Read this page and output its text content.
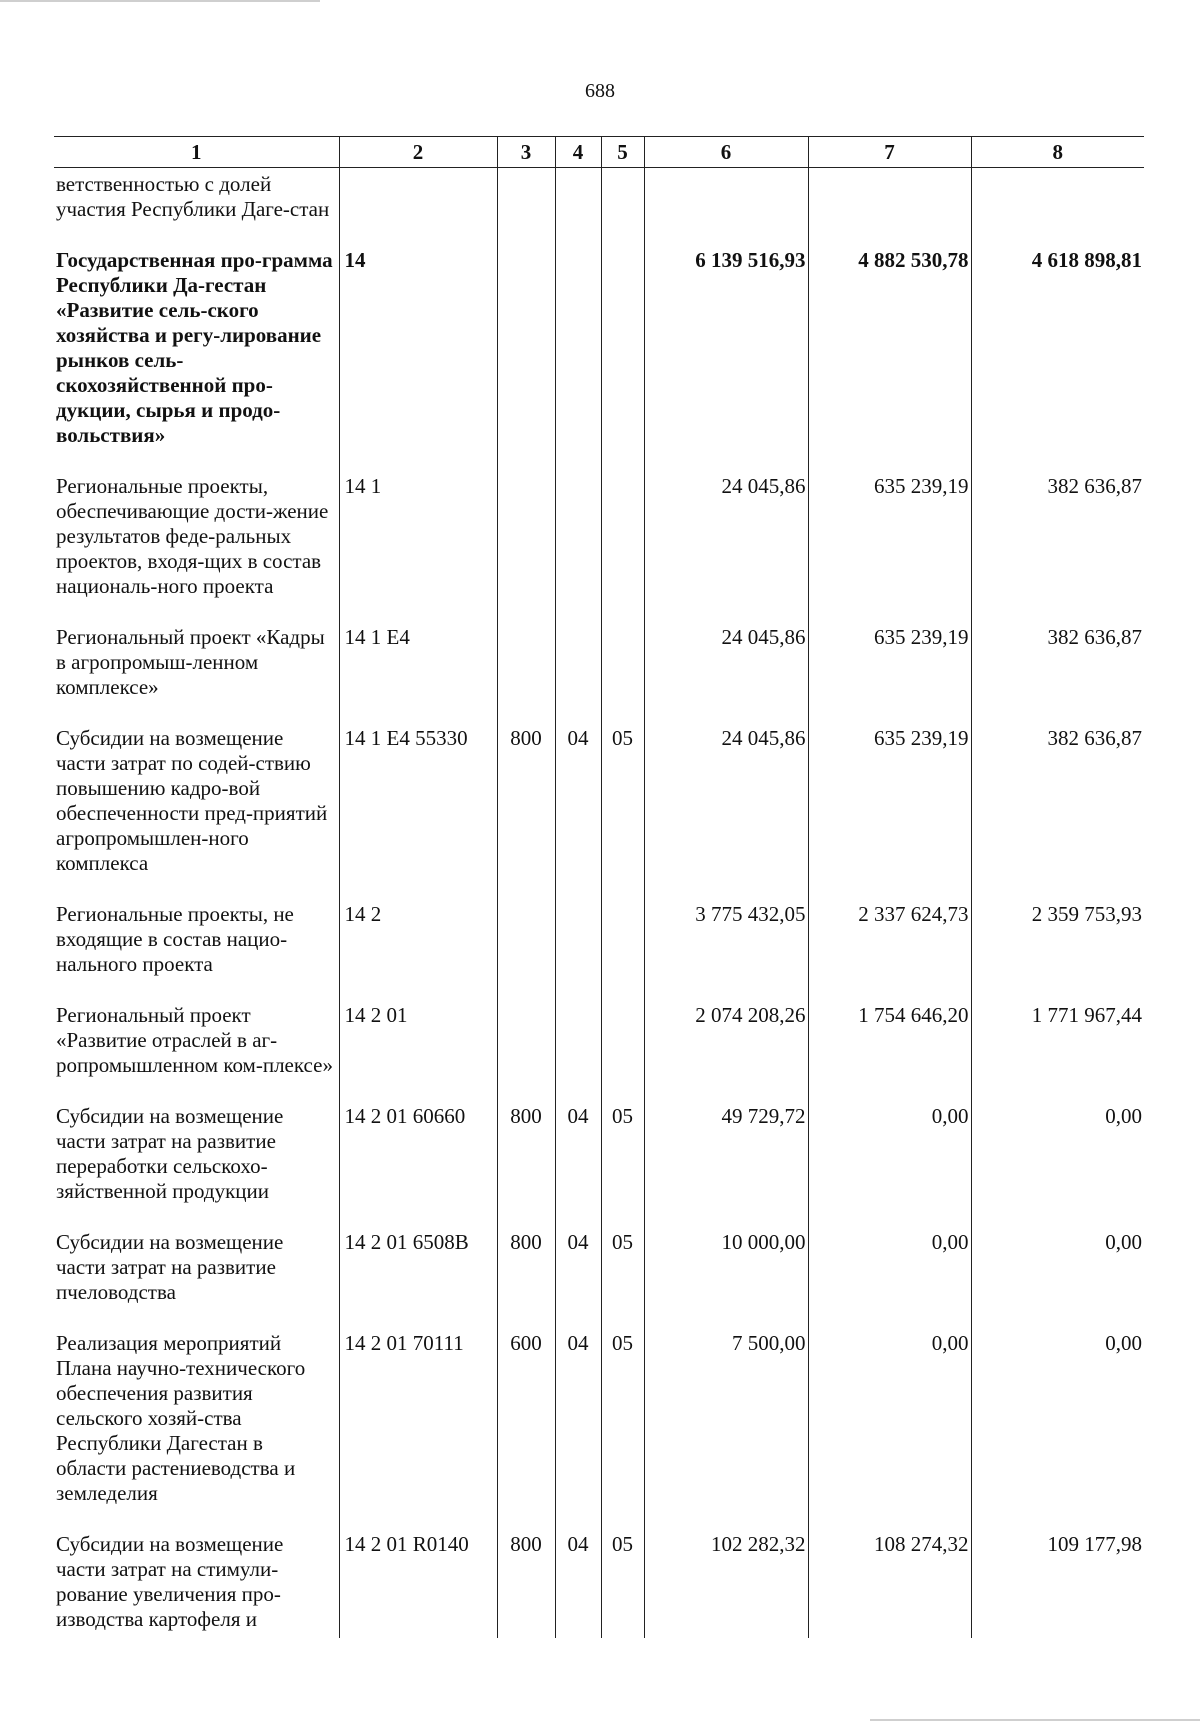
688
1	2	3	4	5	6	7	8
ветственностью с долей участия Республики Даге-стан							
Государственная про-грамма Республики Да-гестан «Развитие сель-ского хозяйства и регу-лирование рынков сель-скохозяйственной про-дукции, сырья и продо-вольствия»	14				6 139 516,93	4 882 530,78	4 618 898,81
Региональные проекты, обеспечивающие дости-жение результатов феде-ральных проектов, входя-щих в состав националь-ного проекта	14 1				24 045,86	635 239,19	382 636,87
Региональный проект «Кадры в агропромыш-ленном комплексе»	14 1 Е4				24 045,86	635 239,19	382 636,87
Субсидии на возмещение части затрат по содей-ствию повышению кадро-вой обеспеченности пред-приятий агропромышлен-ного комплекса	14 1 Е4 55330	800	04	05	24 045,86	635 239,19	382 636,87
Региональные проекты, не входящие в состав нацио-нального проекта	14 2				3 775 432,05	2 337 624,73	2 359 753,93
Региональный проект «Развитие отраслей в аг-ропромышленном ком-плексе»	14 2 01				2 074 208,26	1 754 646,20	1 771 967,44
Субсидии на возмещение части затрат на развитие переработки сельскохо-зяйственной продукции	14 2 01 60660	800	04	05	49 729,72	0,00	0,00
Субсидии на возмещение части затрат на развитие пчеловодства	14 2 01 6508В	800	04	05	10 000,00	0,00	0,00
Реализация мероприятий Плана научно-технического обеспечения развития сельского хозяй-ства Республики Дагестан в области растениеводства и земледелия	14 2 01 70111	600	04	05	7 500,00	0,00	0,00
Субсидии на возмещение части затрат на стимули-рование увеличения про-изводства картофеля и	14 2 01 R0140	800	04	05	102 282,32	108 274,32	109 177,98
